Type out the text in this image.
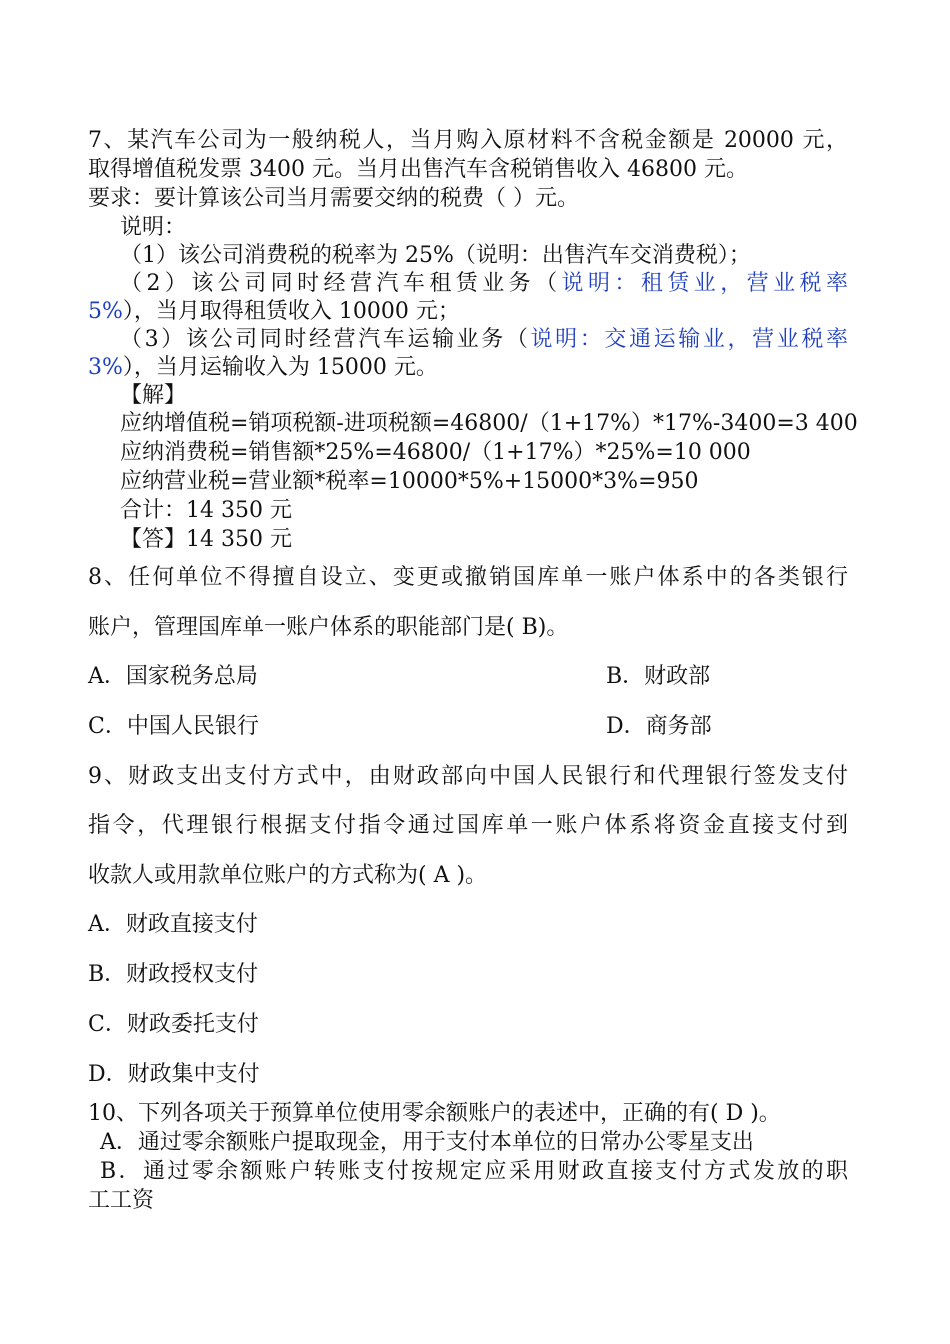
7、某汽车公司为一般纳税人，当月购入原材料不含税金额是 20000 元，
取得增值税发票 3400 元。当月出售汽车含税销售收入 46800 元。
要求：要计算该公司当月需要交纳的税费（ ）元。
说明：
（1）该公司消费税的税率为 25%（说明：出售汽车交消费税）；
（2）该公司同时经营汽车租赁业务（说明：租赁业，营业税率
5%），当月取得租赁收入 10000 元；
（3）该公司同时经营汽车运输业务（说明：交通运输业，营业税率
3%），当月运输收入为 15000 元。
【解】
应纳增值税=销项税额-进项税额=46800/（1+17%）*17%-3400=3 400
应纳消费税=销售额*25%=46800/（1+17%）*25%=10 000
应纳营业税=营业额*税率=10000*5%+15000*3%=950
合计：14 350 元
【答】14 350 元
8、任何单位不得擅自设立、变更或撤销国库单一账户体系中的各类银行
账户，管理国库单一账户体系的职能部门是( B)。
A．国家税务总局	B．财政部
C．中国人民银行	D．商务部
9、财政支出支付方式中，由财政部向中国人民银行和代理银行签发支付
指令，代理银行根据支付指令通过国库单一账户体系将资金直接支付到
收款人或用款单位账户的方式称为( A )。
A．财政直接支付
B．财政授权支付
C．财政委托支付
D．财政集中支付
10、下列各项关于预算单位使用零余额账户的表述中，正确的有( D )。
A．通过零余额账户提取现金，用于支付本单位的日常办公零星支出
B．通过零余额账户转账支付按规定应采用财政直接支付方式发放的职
工工资
